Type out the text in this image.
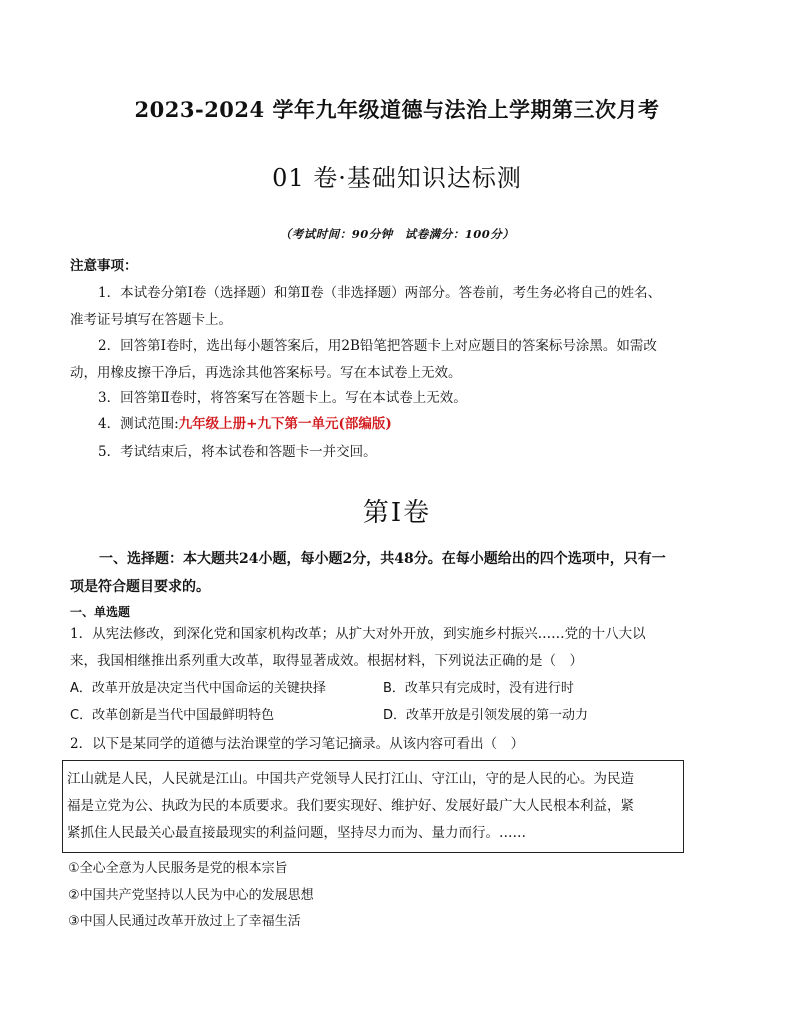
2023-2024 学年九年级道德与法治上学期第三次月考
01 卷·基础知识达标测
（考试时间：90分钟　试卷满分：100分）
注意事项：
1．本试卷分第Ⅰ卷（选择题）和第Ⅱ卷（非选择题）两部分。答卷前，考生务必将自己的姓名、
准考证号填写在答题卡上。
2．回答第Ⅰ卷时，选出每小题答案后，用2B铅笔把答题卡上对应题目的答案标号涂黑。如需改
动，用橡皮擦干净后，再选涂其他答案标号。写在本试卷上无效。
3．回答第Ⅱ卷时，将答案写在答题卡上。写在本试卷上无效。
4．测试范围:九年级上册+九下第一单元(部编版)
5．考试结束后，将本试卷和答题卡一并交回。
第Ⅰ卷
一、选择题：本大题共24小题，每小题2分，共48分。在每小题给出的四个选项中，只有一
项是符合题目要求的。
一、单选题
1．从宪法修改，到深化党和国家机构改革；从扩大对外开放，到实施乡村振兴……党的十八大以
来，我国相继推出系列重大改革，取得显著成效。根据材料，下列说法正确的是（　）
A．改革开放是决定当代中国命运的关键抉择	B．改革只有完成时，没有进行时
C．改革创新是当代中国最鲜明特色	D．改革开放是引领发展的第一动力
2．以下是某同学的道德与法治课堂的学习笔记摘录。从该内容可看出（　）
江山就是人民，人民就是江山。中国共产党领导人民打江山、守江山，守的是人民的心。为民造
福是立党为公、执政为民的本质要求。我们要实现好、维护好、发展好最广大人民根本利益，紧
紧抓住人民最关心最直接最现实的利益问题，坚持尽力而为、量力而行。……
①全心全意为人民服务是党的根本宗旨
②中国共产党坚持以人民为中心的发展思想
③中国人民通过改革开放过上了幸福生活
